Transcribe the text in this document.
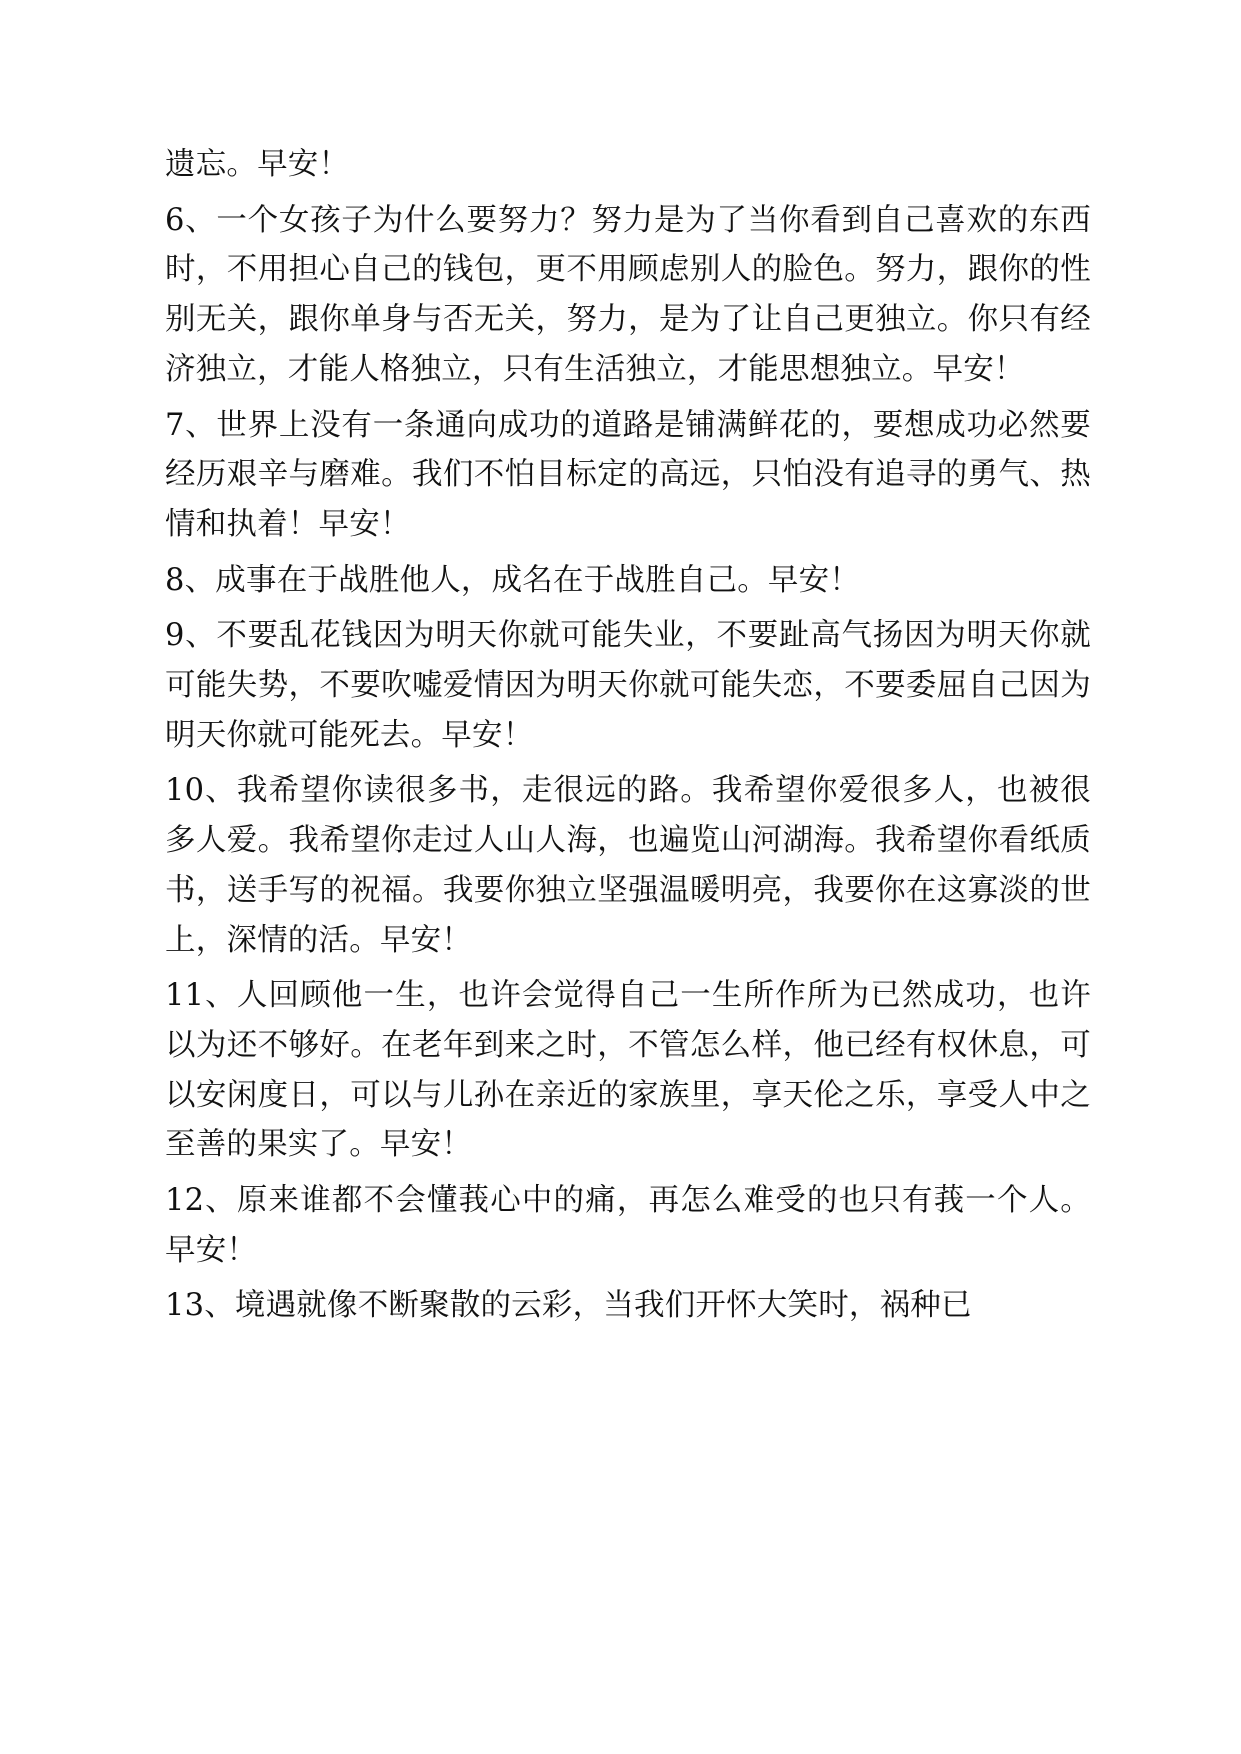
遗忘。早安！

6、一个女孩子为什么要努力？努力是为了当你看到自己喜欢的东西时，不用担心自己的钱包，更不用顾虑别人的脸色。努力，跟你的性别无关，跟你单身与否无关，努力，是为了让自己更独立。你只有经济独立，才能人格独立，只有生活独立，才能思想独立。早安！

7、世界上没有一条通向成功的道路是铺满鲜花的，要想成功必然要经历艰辛与磨难。我们不怕目标定的高远，只怕没有追寻的勇气、热情和执着！早安！

8、成事在于战胜他人，成名在于战胜自己。早安！

9、不要乱花钱因为明天你就可能失业，不要趾高气扬因为明天你就可能失势，不要吹嘘爱情因为明天你就可能失恋，不要委屈自己因为明天你就可能死去。早安！

10、我希望你读很多书，走很远的路。我希望你爱很多人，也被很多人爱。我希望你走过人山人海，也遍览山河湖海。我希望你看纸质书，送手写的祝福。我要你独立坚强温暖明亮，我要你在这寡淡的世上，深情的活。早安！

11、人回顾他一生，也许会觉得自己一生所作所为已然成功，也许以为还不够好。在老年到来之时，不管怎么样，他已经有权休息，可以安闲度日，可以与儿孙在亲近的家族里，享天伦之乐，享受人中之至善的果实了。早安！

12、原来谁都不会懂莪心中的痛，再怎么难受的也只有莪一个人。早安！

13、境遇就像不断聚散的云彩，当我们开怀大笑时，祸种已
